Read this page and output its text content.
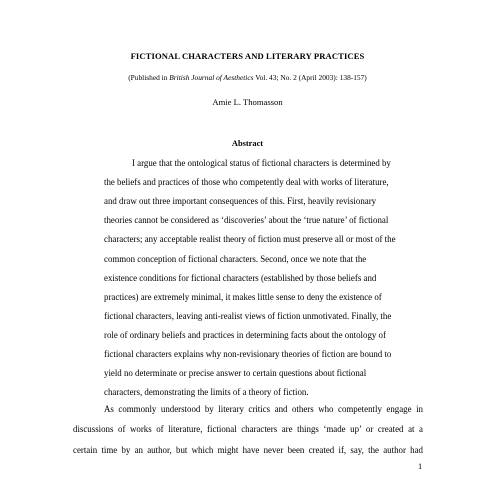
FICTIONAL CHARACTERS AND LITERARY PRACTICES
(Published in British Journal of Aesthetics Vol. 43; No. 2 (April 2003): 138-157)
Amie L. Thomasson
Abstract
I argue that the ontological status of fictional characters is determined by
the beliefs and practices of those who competently deal with works of literature,
and draw out three important consequences of this. First, heavily revisionary
theories cannot be considered as ‘discoveries’ about the ‘true nature’ of fictional
characters; any acceptable realist theory of fiction must preserve all or most of the
common conception of fictional characters. Second, once we note that the
existence conditions for fictional characters (established by those beliefs and
practices) are extremely minimal, it makes little sense to deny the existence of
fictional characters, leaving anti-realist views of fiction unmotivated. Finally, the
role of ordinary beliefs and practices in determining facts about the ontology of
fictional characters explains why non-revisionary theories of fiction are bound to
yield no determinate or precise answer to certain questions about fictional
characters, demonstrating the limits of a theory of fiction.
As commonly understood by literary critics and others who competently engage in
discussions of works of literature, fictional characters are things ‘made up’ or created at a
certain time by an author, but which might have never been created if, say, the author had
1
